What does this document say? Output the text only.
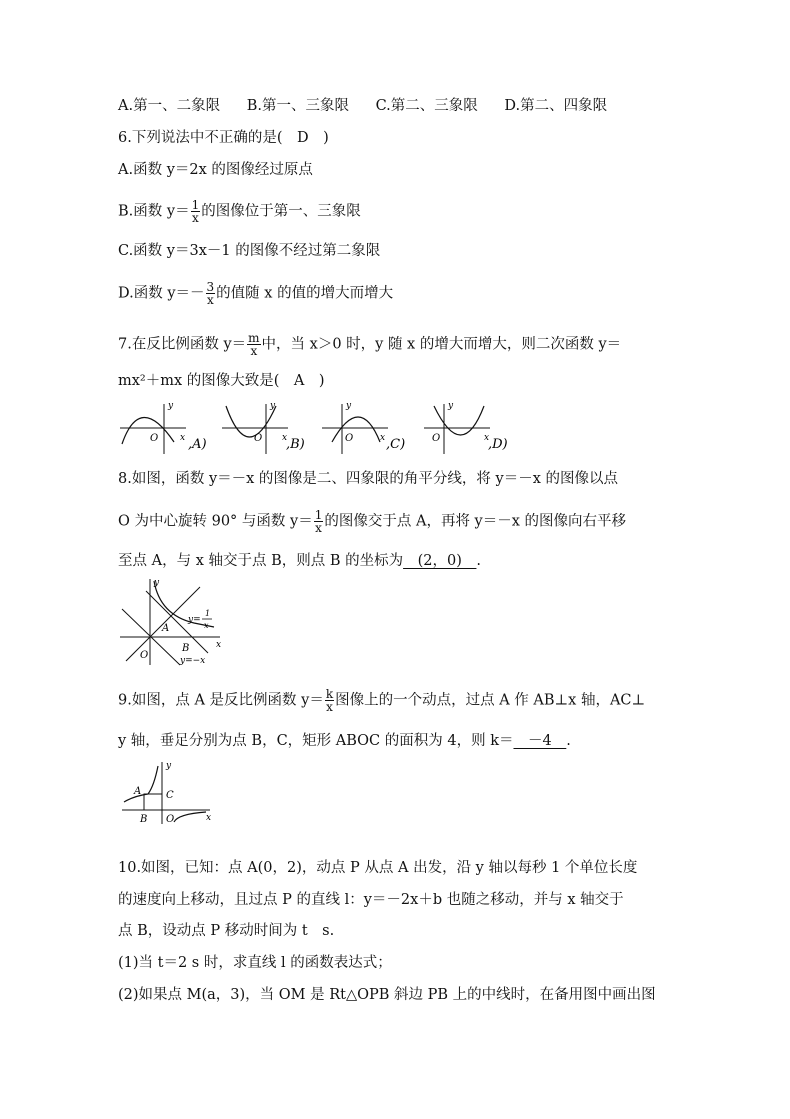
A.第一、二象限 B.第一、三象限 C.第二、三象限 D.第二、四象限
6.下列说法中不正确的是(　D　)
A.函数 y＝2x 的图像经过原点
B.函数 $y= \frac{1}{x}$ 的图像位于第一、三象限
C.函数 y＝3x－1 的图像不经过第二象限
D.函数 $y=- \frac{3}{x}$ 的值随 x 的值的增大而增大
7.在反比例函数 $y= \frac{m}{x}$ 中，当 x＞0 时，y 随 x 的增大而增大，则二次函数 y＝
mx²＋mx 的图像大致是(　A　)
y
x
O ,A)
y
x
O ,B)
y
x
O	,C)
y
x
O	,D)
8.如图，函数 y＝－x 的图像是二、四象限的角平分线，将 y＝－x 的图像以点
O 为中心旋转 90° 与函数 $y= \frac{1}{x}$ 的图像交于点 A，再将 y＝－x 的图像向右平移
至点 A，与 x 轴交于点 B，则点 B 的坐标为__(2，0)__.
y
x
O
A
B
y=
1
x
y=−x
9.如图，点 A 是反比例函数 $y= \frac{k}{x}$ 图像上的一个动点，过点 A 作 AB⊥x 轴，AC⊥
y 轴，垂足分别为点 B，C，矩形 ABOC 的面积为 4，则 k＝__－4__.
y
x
A
B
C
O
10.如图，已知：点 A(0，2)，动点 P 从点 A 出发，沿 y 轴以每秒 1 个单位长度
的速度向上移动，且过点 P 的直线 l：y＝－2x＋b 也随之移动，并与 x 轴交于
点 B，设动点 P 移动时间为 t　s.
(1)当 t＝2 s 时，求直线 l 的函数表达式；
(2)如果点 M(a，3)，当 OM 是 Rt△OPB 斜边 PB 上的中线时，在备用图中画出图
